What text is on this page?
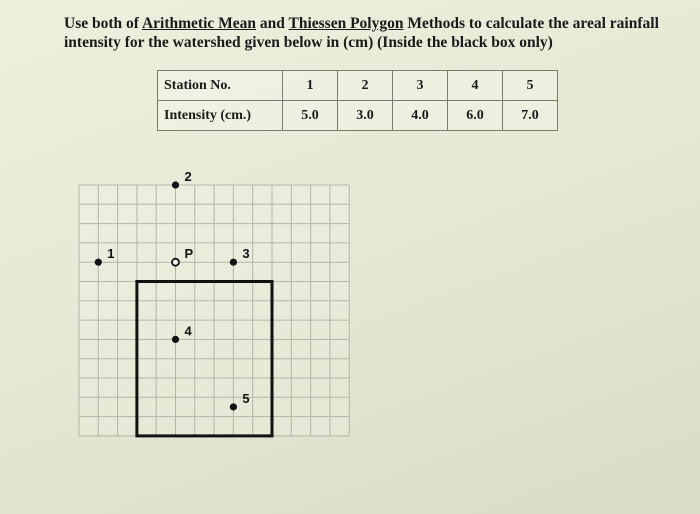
Use both of Arithmetic Mean and Thiessen Polygon Methods to calculate the areal rainfall intensity for the watershed given below in (cm) (Inside the black box only)
Station No.	1	2	3	4	5
Intensity (cm.)	5.0	3.0	4.0	6.0	7.0
1
2
P	3
4
5
